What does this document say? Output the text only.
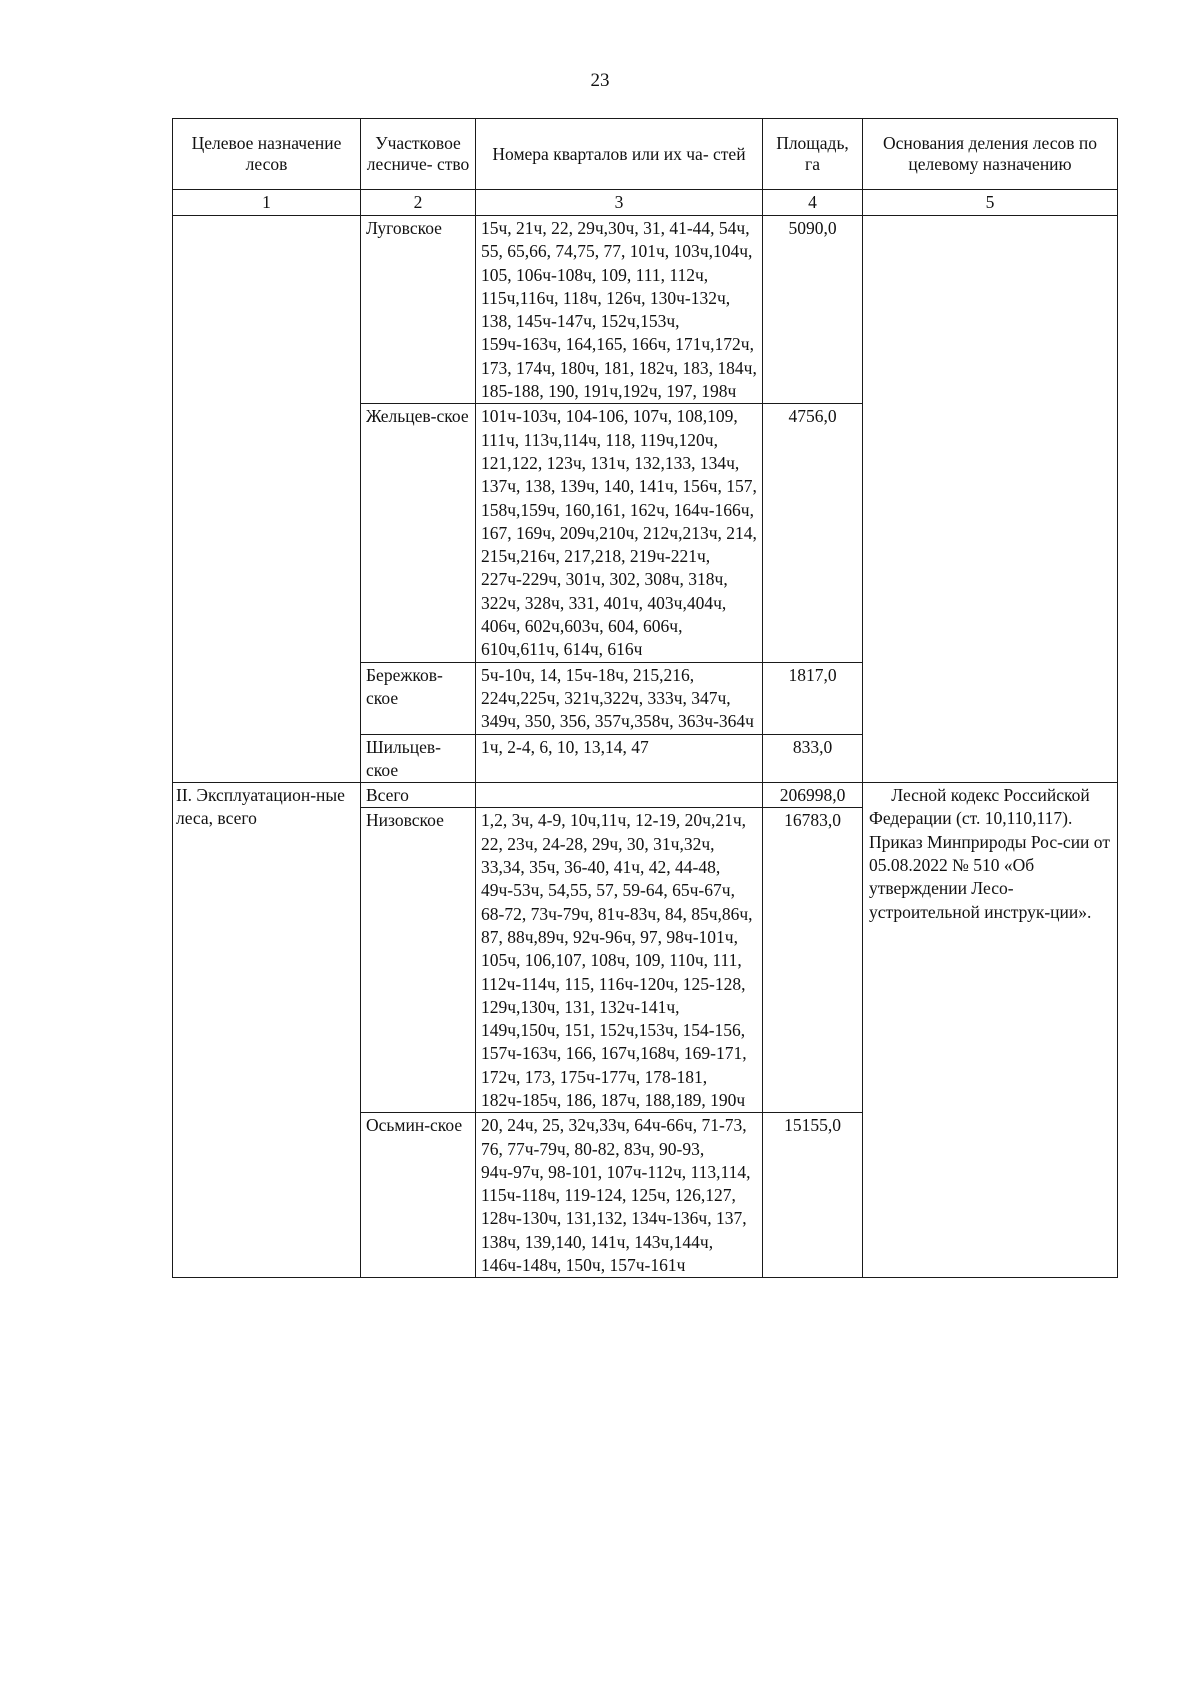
23
Целевое назначение лесов	Участковое лесниче- ство	Номера кварталов или их ча- стей	Площадь, га	Основания деления лесов по целевому назначению
1	2	3	4	5
	Луговское	15ч, 21ч, 22, 29ч,30ч, 31, 41-44, 54ч, 55, 65,66, 74,75, 77, 101ч, 103ч,104ч, 105, 106ч-108ч, 109, 111, 112ч, 115ч,116ч, 118ч, 126ч, 130ч-132ч, 138, 145ч-147ч, 152ч,153ч, 159ч-163ч, 164,165, 166ч, 171ч,172ч, 173, 174ч, 180ч, 181, 182ч, 183, 184ч, 185-188, 190, 191ч,192ч, 197, 198ч	5090,0	
	Жельцев-ское	101ч-103ч, 104-106, 107ч, 108,109, 111ч, 113ч,114ч, 118, 119ч,120ч, 121,122, 123ч, 131ч, 132,133, 134ч, 137ч, 138, 139ч, 140, 141ч, 156ч, 157, 158ч,159ч, 160,161, 162ч, 164ч-166ч, 167, 169ч, 209ч,210ч, 212ч,213ч, 214, 215ч,216ч, 217,218, 219ч-221ч, 227ч-229ч, 301ч, 302, 308ч, 318ч, 322ч, 328ч, 331, 401ч, 403ч,404ч, 406ч, 602ч,603ч, 604, 606ч, 610ч,611ч, 614ч, 616ч	4756,0	
	Бережков-ское	5ч-10ч, 14, 15ч-18ч, 215,216, 224ч,225ч, 321ч,322ч, 333ч, 347ч, 349ч, 350, 356, 357ч,358ч, 363ч-364ч	1817,0	
	Шильцев-ское	1ч, 2-4, 6, 10, 13,14, 47	833,0	
II. Эксплуатацион-ные леса, всего	Всего		206998,0	Лесной кодекс Российской
Федерации (ст. 10,110,117). Приказ Минприроды Рос-сии от 05.08.2022 № 510 «Об утверждении Лесо-устроительной инструк-ции».
	Низовское	1,2, 3ч, 4-9, 10ч,11ч, 12-19, 20ч,21ч, 22, 23ч, 24-28, 29ч, 30, 31ч,32ч, 33,34, 35ч, 36-40, 41ч, 42, 44-48, 49ч-53ч, 54,55, 57, 59-64, 65ч-67ч, 68-72, 73ч-79ч, 81ч-83ч, 84, 85ч,86ч, 87, 88ч,89ч, 92ч-96ч, 97, 98ч-101ч, 105ч, 106,107, 108ч, 109, 110ч, 111, 112ч-114ч, 115, 116ч-120ч, 125-128, 129ч,130ч, 131, 132ч-141ч, 149ч,150ч, 151, 152ч,153ч, 154-156, 157ч-163ч, 166, 167ч,168ч, 169-171, 172ч, 173, 175ч-177ч, 178-181, 182ч-185ч, 186, 187ч, 188,189, 190ч	16783,0	
	Осьмин-ское	20, 24ч, 25, 32ч,33ч, 64ч-66ч, 71-73, 76, 77ч-79ч, 80-82, 83ч, 90-93, 94ч-97ч, 98-101, 107ч-112ч, 113,114, 115ч-118ч, 119-124, 125ч, 126,127, 128ч-130ч, 131,132, 134ч-136ч, 137, 138ч, 139,140, 141ч, 143ч,144ч, 146ч-148ч, 150ч, 157ч-161ч	15155,0	
